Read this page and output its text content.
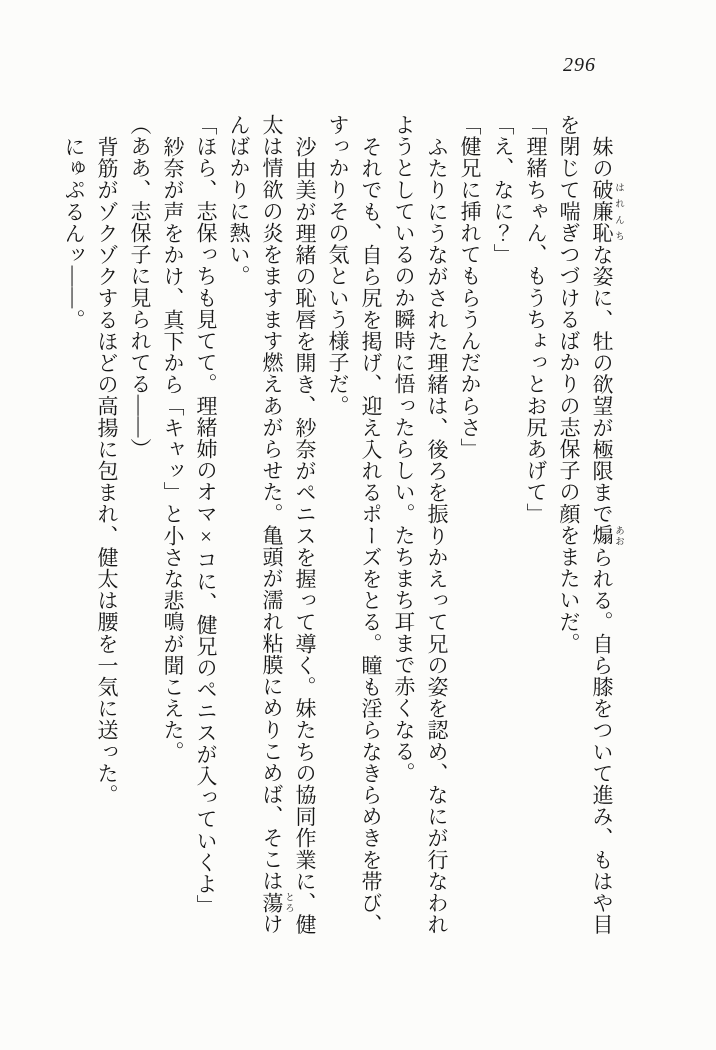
296

妹の破廉恥 はれんちな姿に、牡の欲望が極限まで煽 あおられる。自ら膝をついて進み、もはや目を閉じて喘ぎつづけるばかりの志保子の顔をまたいだ。

「理緒ちゃん、もうちょっとお尻あげて」

「え、なに？」

「健兄に挿れてもらうんだからさ」

ふたりにうながされた理緒は、後ろを振りかえって兄の姿を認め、なにが行なわれようとしているのか瞬時に悟ったらしい。たちまち耳まで赤くなる。

それでも、自ら尻を掲げ、迎え入れるポーズをとる。瞳も淫らなきらめきを帯び、すっかりその気という様子だ。

沙由美が理緒の恥唇を開き、紗奈がペニスを握って導く。妹たちの協同作業に、健太は情欲の炎をますます燃えあがらせた。亀頭が濡れ粘膜にめりこめば、そこは蕩 とろけんばかりに熱い。

「ほら、志保っちも見てて。理緒姉のオマ×コに、健兄のペニスが入っていくよ」

紗奈が声をかけ、真下から「キャッ」と小さな悲鳴が聞こえた。

（ああ、志保子に見られてる——）

背筋がゾクゾクするほどの高揚に包まれ、健太は腰を一気に送った。

にゅぷるんッ——。
